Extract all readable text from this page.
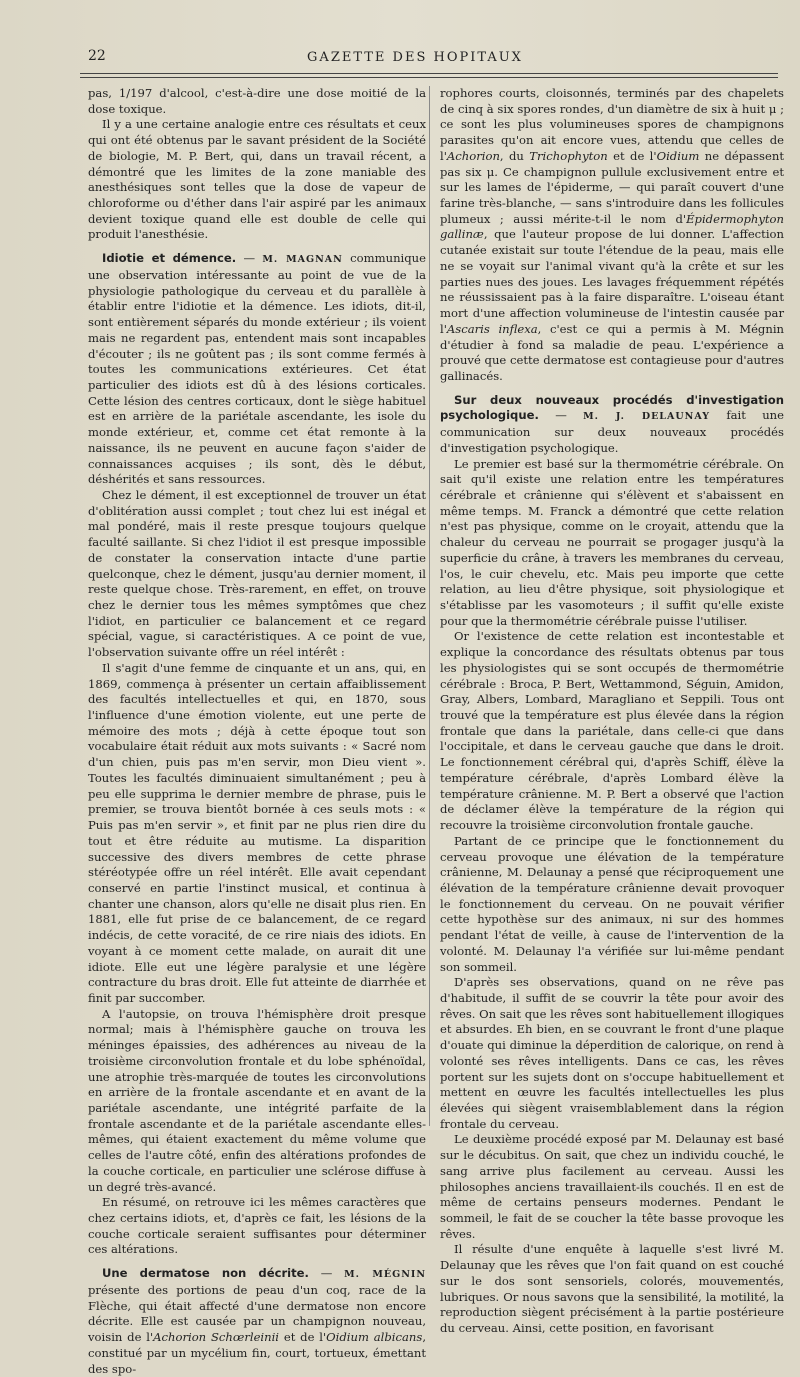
22	GAZETTE DES HOPITAUX

pas, 1/197 d'alcool, c'est-à-dire une dose moitié de la dose toxique.

Il y a une certaine analogie entre ces résultats et ceux qui ont été obtenus par le savant président de la Société de biologie, M. P. Bert, qui, dans un travail récent, a démontré que les limites de la zone maniable des anesthésiques sont telles que la dose de vapeur de chloroforme ou d'éther dans l'air aspiré par les animaux devient toxique quand elle est double de celle qui produit l'anesthésie.

Idiotie et démence. — M. MAGNAN communique une observation intéressante au point de vue de la physiologie pathologique du cerveau et du parallèle à établir entre l'idiotie et la démence. Les idiots, dit-il, sont entièrement séparés du monde extérieur ; ils voient mais ne regardent pas, entendent mais sont incapables d'écouter ; ils ne goûtent pas ; ils sont comme fermés à toutes les communications extérieures. Cet état particulier des idiots est dû à des lésions corticales. Cette lésion des centres corticaux, dont le siège habituel est en arrière de la pariétale ascendante, les isole du monde extérieur, et, comme cet état remonte à la naissance, ils ne peuvent en aucune façon s'aider de connaissances acquises ; ils sont, dès le début, déshérités et sans ressources.

Chez le dément, il est exceptionnel de trouver un état d'oblitération aussi complet ; tout chez lui est inégal et mal pondéré, mais il reste presque toujours quelque faculté saillante. Si chez l'idiot il est presque impossible de constater la conservation intacte d'une partie quelconque, chez le dément, jusqu'au dernier moment, il reste quelque chose. Très-rarement, en effet, on trouve chez le dernier tous les mêmes symptômes que chez l'idiot, en particulier ce balancement et ce regard spécial, vague, si caractéristiques. A ce point de vue, l'observation suivante offre un réel intérêt :

Il s'agit d'une femme de cinquante et un ans, qui, en 1869, commença à présenter un certain affaiblissement des facultés intellectuelles et qui, en 1870, sous l'influence d'une émotion violente, eut une perte de mémoire des mots ; déjà à cette époque tout son vocabulaire était réduit aux mots suivants : « Sacré nom d'un chien, puis pas m'en servir, mon Dieu vient ». Toutes les facultés diminuaient simultanément ; peu à peu elle supprima le dernier membre de phrase, puis le premier, se trouva bientôt bornée à ces seuls mots : « Puis pas m'en servir », et finit par ne plus rien dire du tout et être réduite au mutisme. La disparition successive des divers membres de cette phrase stéréotypée offre un réel intérêt. Elle avait cependant conservé en partie l'instinct musical, et continua à chanter une chanson, alors qu'elle ne disait plus rien. En 1881, elle fut prise de ce balancement, de ce regard indécis, de cette voracité, de ce rire niais des idiots. En voyant à ce moment cette malade, on aurait dit une idiote. Elle eut une légère paralysie et une légère contracture du bras droit. Elle fut atteinte de diarrhée et finit par succomber.

A l'autopsie, on trouva l'hémisphère droit presque normal; mais à l'hémisphère gauche on trouva les méninges épaissies, des adhérences au niveau de la troisième circonvolution frontale et du lobe sphénoïdal, une atrophie très-marquée de toutes les circonvolutions en arrière de la frontale ascendante et en avant de la pariétale ascendante, une intégrité parfaite de la frontale ascendante et de la pariétale ascendante elles-mêmes, qui étaient exactement du même volume que celles de l'autre côté, enfin des altérations profondes de la couche corticale, en particulier une sclérose diffuse à un degré très-avancé.

En résumé, on retrouve ici les mêmes caractères que chez certains idiots, et, d'après ce fait, les lésions de la couche corticale seraient suffisantes pour déterminer ces altérations.

Une dermatose non décrite. — M. MÉGNIN présente des portions de peau d'un coq, race de la Flèche, qui était affecté d'une dermatose non encore décrite. Elle est causée par un champignon nouveau, voisin de l'Achorion Schœrleinii et de l'Oidium albicans, constitué par un mycélium fin, court, tortueux, émettant des spo-

rophores courts, cloisonnés, terminés par des chapelets de cinq à six spores rondes, d'un diamètre de six à huit μ ; ce sont les plus volumineuses spores de champignons parasites qu'on ait encore vues, attendu que celles de l'Achorion, du Trichophyton et de l'Oidium ne dépassent pas six μ. Ce champignon pullule exclusivement entre et sur les lames de l'épiderme, — qui paraît couvert d'une farine très-blanche, — sans s'introduire dans les follicules plumeux ; aussi mérite-t-il le nom d'Épidermophyton gallinæ, que l'auteur propose de lui donner. L'affection cutanée existait sur toute l'étendue de la peau, mais elle ne se voyait sur l'animal vivant qu'à la crête et sur les parties nues des joues. Les lavages fréquemment répétés ne réussissaient pas à la faire disparaître. L'oiseau étant mort d'une affection volumineuse de l'intestin causée par l'Ascaris inflexa, c'est ce qui a permis à M. Mégnin d'étudier à fond sa maladie de peau. L'expérience a prouvé que cette dermatose est contagieuse pour d'autres gallinacés.

Sur deux nouveaux procédés d'investigation psychologique. — M. J. DELAUNAY fait une communication sur deux nouveaux procédés d'investigation psychologique.

Le premier est basé sur la thermométrie cérébrale. On sait qu'il existe une relation entre les températures cérébrale et crânienne qui s'élèvent et s'abaissent en même temps. M. Franck a démontré que cette relation n'est pas physique, comme on le croyait, attendu que la chaleur du cerveau ne pourrait se progager jusqu'à la superficie du crâne, à travers les membranes du cerveau, l'os, le cuir chevelu, etc. Mais peu importe que cette relation, au lieu d'être physique, soit physiologique et s'établisse par les vasomoteurs ; il suffit qu'elle existe pour que la thermométrie cérébrale puisse l'utiliser.

Or l'existence de cette relation est incontestable et explique la concordance des résultats obtenus par tous les physiologistes qui se sont occupés de thermométrie cérébrale : Broca, P. Bert, Wettammond, Séguin, Amidon, Gray, Albers, Lombard, Maragliano et Seppili. Tous ont trouvé que la température est plus élevée dans la région frontale que dans la pariétale, dans celle-ci que dans l'occipitale, et dans le cerveau gauche que dans le droit. Le fonctionnement cérébral qui, d'après Schiff, élève la température cérébrale, d'après Lombard élève la température crânienne. M. P. Bert a observé que l'action de déclamer élève la température de la région qui recouvre la troisième circonvolution frontale gauche.

Partant de ce principe que le fonctionnement du cerveau provoque une élévation de la température crânienne, M. Delaunay a pensé que réciproquement une élévation de la température crânienne devait provoquer le fonctionnement du cerveau. On ne pouvait vérifier cette hypothèse sur des animaux, ni sur des hommes pendant l'état de veille, à cause de l'intervention de la volonté. M. Delaunay l'a vérifiée sur lui-même pendant son sommeil.

D'après ses observations, quand on ne rêve pas d'habitude, il suffit de se couvrir la tête pour avoir des rêves. On sait que les rêves sont habituellement illogiques et absurdes. Eh bien, en se couvrant le front d'une plaque d'ouate qui diminue la déperdition de calorique, on rend à volonté ses rêves intelligents. Dans ce cas, les rêves portent sur les sujets dont on s'occupe habituellement et mettent en œuvre les facultés intellectuelles les plus élevées qui siègent vraisemblablement dans la région frontale du cerveau.

Le deuxième procédé exposé par M. Delaunay est basé sur le décubitus. On sait, que chez un individu couché, le sang arrive plus facilement au cerveau. Aussi les philosophes anciens travaillaient-ils couchés. Il en est de même de certains penseurs modernes. Pendant le sommeil, le fait de se coucher la tête basse provoque les rêves.

Il résulte d'une enquête à laquelle s'est livré M. Delaunay que les rêves que l'on fait quand on est couché sur le dos sont sensoriels, colorés, mouvementés, lubriques. Or nous savons que la sensibilité, la motilité, la reproduction siègent précisément à la partie postérieure du cerveau. Ainsi, cette position, en favorisant
